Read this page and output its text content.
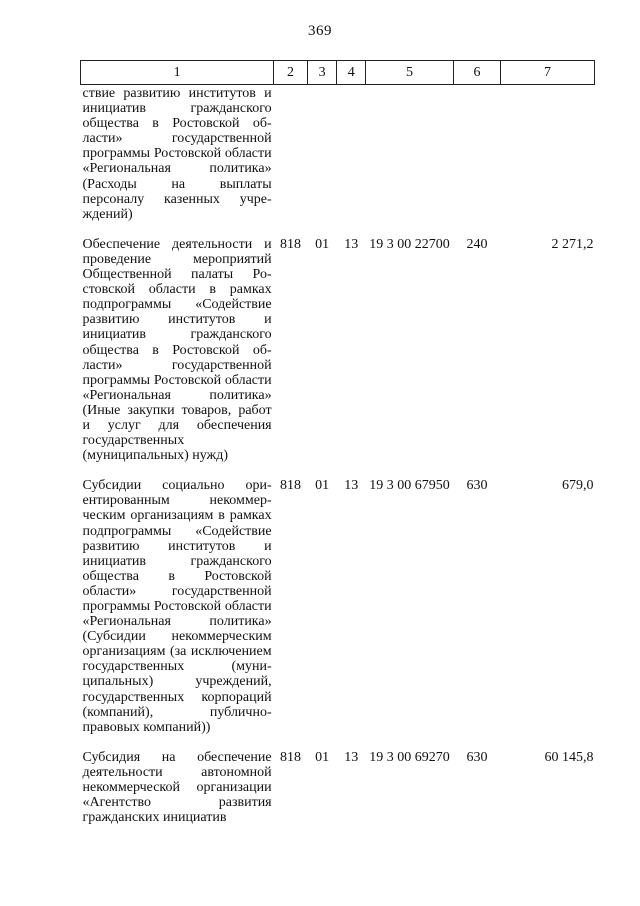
369
1	2	3	4	5	6	7
ствие развитию институтов и инициатив гражданского общества в Ростовской области» государственной программы Ростовской области «Региональная политика» (Расходы на выплаты персоналу казенных учреждений)						
Обеспечение деятельности и проведение мероприятий Общественной палаты Ростовской области в рамках подпрограммы «Содействие развитию институтов и инициатив гражданского общества в Ростовской области» государственной программы Ростовской области «Региональная политика» (Иные закупки товаров, работ и услуг для обеспечения государственных (муниципальных) нужд)	818	01	13	19 3 00 22700	240	2 271,2
Субсидии социально ориентированным некоммерческим организациям в рамках подпрограммы «Содействие развитию институтов и инициатив гражданского общества в Ростовской области» государственной программы Ростовской области «Региональная политика» (Субсидии некоммерческим организациям (за исключением государственных (муниципальных) учреждений, государственных корпораций (компаний), публично-правовых компаний))	818	01	13	19 3 00 67950	630	679,0
Субсидия на обеспечение деятельности автономной некоммерческой организации «Агентство развития гражданских инициатив	818	01	13	19 3 00 69270	630	60 145,8
